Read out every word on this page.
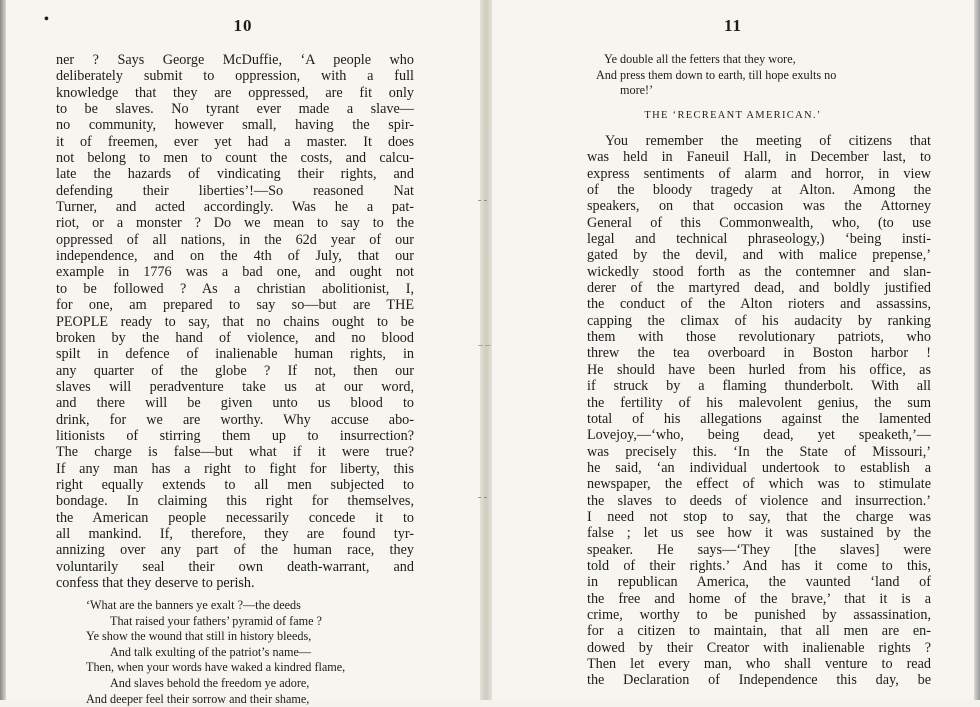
•	10
ner ? Says George McDuffie, ‘A people who
deliberately submit to oppression, with a full
knowledge that they are oppressed, are fit only
to be slaves. No tyrant ever made a slave—
no community, however small, having the spir-
it of freemen, ever yet had a master. It does
not belong to men to count the costs, and calcu-
late the hazards of vindicating their rights, and
defending their liberties’!—So reasoned Nat
Turner, and acted accordingly. Was he a pat-
riot, or a monster ? Do we mean to say to the
oppressed of all nations, in the 62d year of our
independence, and on the 4th of July, that our
example in 1776 was a bad one, and ought not
to be followed ? As a christian abolitionist, I,
for one, am prepared to say so—but are THE
PEOPLE ready to say, that no chains ought to be
broken by the hand of violence, and no blood
spilt in defence of inalienable human rights, in
any quarter of the globe ? If not, then our
slaves will peradventure take us at our word,
and there will be given unto us blood to
drink, for we are worthy. Why accuse abo-
litionists of stirring them up to insurrection?
The charge is false—but what if it were true?
If any man has a right to fight for liberty, this
right equally extends to all men subjected to
bondage. In claiming this right for themselves,
the American people necessarily concede it to
all mankind. If, therefore, they are found tyr-
annizing over any part of the human race, they
voluntarily seal their own death-warrant, and
confess that they deserve to perish.
‘What are the banners ye exalt ?—the deeds
That raised your fathers’ pyramid of fame ?
Ye show the wound that still in history bleeds,
And talk exulting of the patriot’s name—
Then, when your words have waked a kindred flame,
And slaves behold the freedom ye adore,
And deeper feel their sorrow and their shame,
- -
– –
- -
11
Ye double all the fetters that they wore,
And press them down to earth, till hope exults no
more!’
THE ‘RECREANT AMERICAN.’
You remember the meeting of citizens that
was held in Faneuil Hall, in December last, to
express sentiments of alarm and horror, in view
of the bloody tragedy at Alton. Among the
speakers, on that occasion was the Attorney
General of this Commonwealth, who, (to use
legal and technical phraseology,) ‘being insti-
gated by the devil, and with malice prepense,’
wickedly stood forth as the contemner and slan-
derer of the martyred dead, and boldly justified
the conduct of the Alton rioters and assassins,
capping the climax of his audacity by ranking
them with those revolutionary patriots, who
threw the tea overboard in Boston harbor !
He should have been hurled from his office, as
if struck by a flaming thunderbolt. With all
the fertility of his malevolent genius, the sum
total of his allegations against the lamented
Lovejoy,—‘who, being dead, yet speaketh,’—
was precisely this. ‘In the State of Missouri,’
he said, ‘an individual undertook to establish a
newspaper, the effect of which was to stimulate
the slaves to deeds of violence and insurrection.’
I need not stop to say, that the charge was
false ; let us see how it was sustained by the
speaker. He says—‘They [the slaves] were
told of their rights.’ And has it come to this,
in republican America, the vaunted ‘land of
the free and home of the brave,’ that it is a
crime, worthy to be punished by assassination,
for a citizen to maintain, that all men are en-
dowed by their Creator with inalienable rights ?
Then let every man, who shall venture to read
the Declaration of Independence this day, be
